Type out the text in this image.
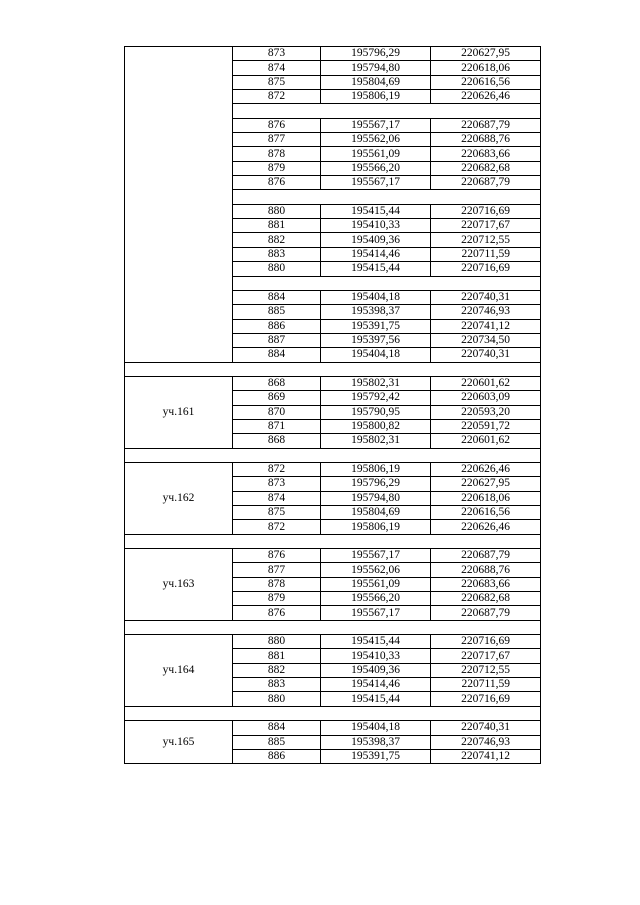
	873	195796,29	220627,95
	874	195794,80	220618,06
	875	195804,69	220616,56
	872	195806,19	220626,46

	876	195567,17	220687,79
	877	195562,06	220688,76
	878	195561,09	220683,66
	879	195566,20	220682,68
	876	195567,17	220687,79

	880	195415,44	220716,69
	881	195410,33	220717,67
	882	195409,36	220712,55
	883	195414,46	220711,59
	880	195415,44	220716,69

	884	195404,18	220740,31
	885	195398,37	220746,93
	886	195391,75	220741,12
	887	195397,56	220734,50
	884	195404,18	220740,31

уч.161	868	195802,31	220601,62
	869	195792,42	220603,09
	870	195790,95	220593,20
	871	195800,82	220591,72
	868	195802,31	220601,62

уч.162	872	195806,19	220626,46
	873	195796,29	220627,95
	874	195794,80	220618,06
	875	195804,69	220616,56
	872	195806,19	220626,46

уч.163	876	195567,17	220687,79
	877	195562,06	220688,76
	878	195561,09	220683,66
	879	195566,20	220682,68
	876	195567,17	220687,79

уч.164	880	195415,44	220716,69
	881	195410,33	220717,67
	882	195409,36	220712,55
	883	195414,46	220711,59
	880	195415,44	220716,69

уч.165	884	195404,18	220740,31
	885	195398,37	220746,93
	886	195391,75	220741,12
